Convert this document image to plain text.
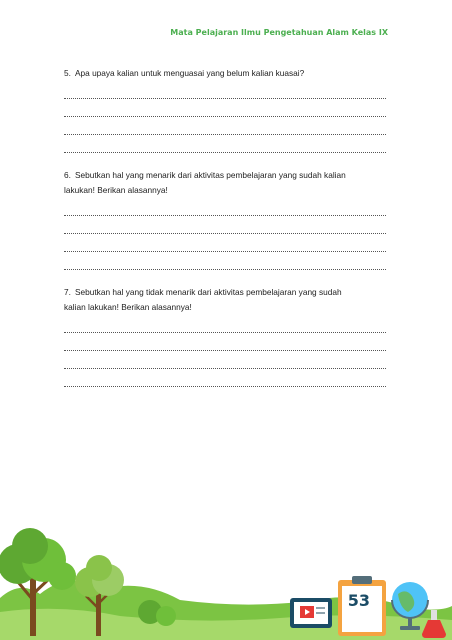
Mata Pelajaran Ilmu Pengetahuan Alam Kelas IX
5. Apa upaya kalian untuk menguasai yang belum kalian kuasai?
6. Sebutkan hal yang menarik dari aktivitas pembelajaran yang sudah kalian
lakukan! Berikan alasannya!
7. Sebutkan hal yang tidak menarik dari aktivitas pembelajaran yang sudah
kalian lakukan! Berikan alasannya!
53
